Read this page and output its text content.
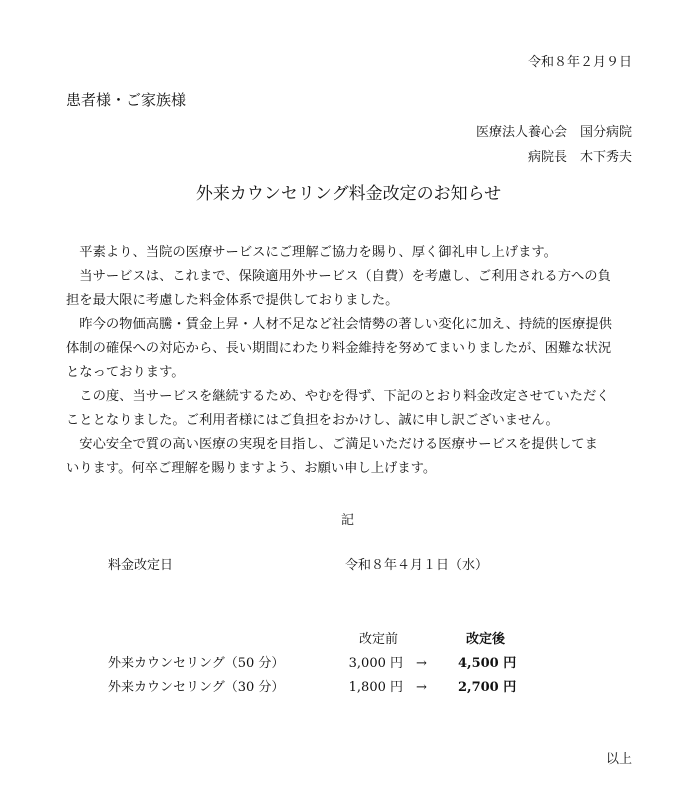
令和８年２月９日
患者様・ご家族様
医療法人養心会　国分病院
病院長　木下秀夫
外来カウンセリング料金改定のお知らせ
　平素より、当院の医療サービスにご理解ご協力を賜り、厚く御礼申し上げます。
　当サービスは、これまで、保険適用外サービス（自費）を考慮し、ご利用される方への負
担を最大限に考慮した料金体系で提供しておりました。
　昨今の物価高騰・賃金上昇・人材不足など社会情勢の著しい変化に加え、持続的医療提供
体制の確保への対応から、長い期間にわたり料金維持を努めてまいりましたが、困難な状況
となっております。
　この度、当サービスを継続するため、やむを得ず、下記のとおり料金改定させていただく
こととなりました。ご利用者様にはご負担をおかけし、誠に申し訳ございません。
　安心安全で質の高い医療の実現を目指し、ご満足いただける医療サービスを提供してま
いります。何卒ご理解を賜りますよう、お願い申し上げます。
記
料金改定日	令和８年４月１日（水）
改定前	改定後
外来カウンセリング（50 分）	3,000 円 → 4,500 円
外来カウンセリング（30 分）	1,800 円 → 2,700 円
以上
